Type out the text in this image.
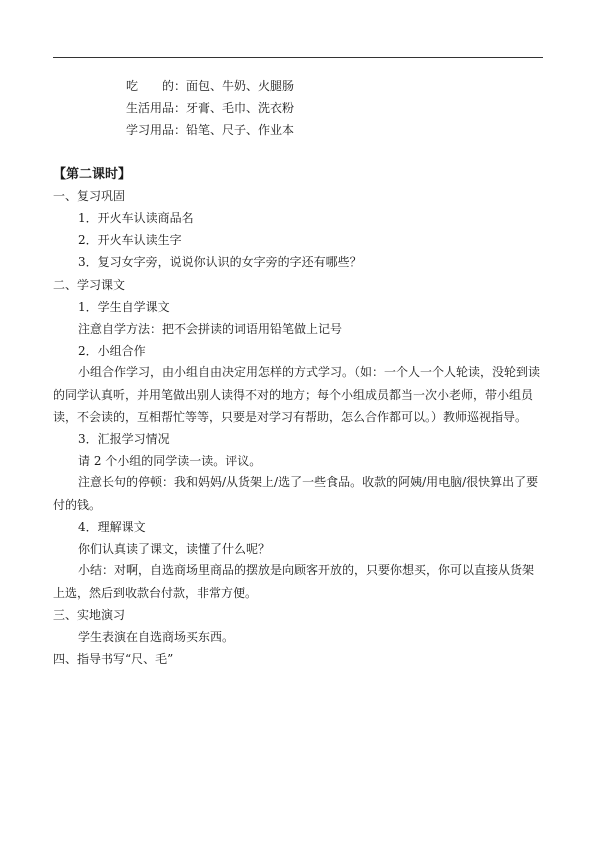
吃　　的：面包、牛奶、火腿肠
生活用品：牙膏、毛巾、洗衣粉
学习用品：铅笔、尺子、作业本
【第二课时】
一、复习巩固
1．开火车认读商品名
2．开火车认读生字
3．复习女字旁，说说你认识的女字旁的字还有哪些？
二、学习课文
1．学生自学课文
注意自学方法：把不会拼读的词语用铅笔做上记号
2．小组合作
小组合作学习，由小组自由决定用怎样的方式学习。（如：一个人一个人轮读，没轮到读的同学认真听，并用笔做出别人读得不对的地方；每个小组成员都当一次小老师，带小组员读，不会读的，互相帮忙等等，只要是对学习有帮助，怎么合作都可以。）教师巡视指导。
3．汇报学习情况
请 2 个小组的同学读一读。评议。
注意长句的停顿：我和妈妈/从货架上/选了一些食品。收款的阿姨/用电脑/很快算出了要付的钱。
4．理解课文
你们认真读了课文，读懂了什么呢？
小结：对啊，自选商场里商品的摆放是向顾客开放的，只要你想买，你可以直接从货架上选，然后到收款台付款，非常方便。
三、实地演习
学生表演在自选商场买东西。
四、指导书写“尺、毛”
